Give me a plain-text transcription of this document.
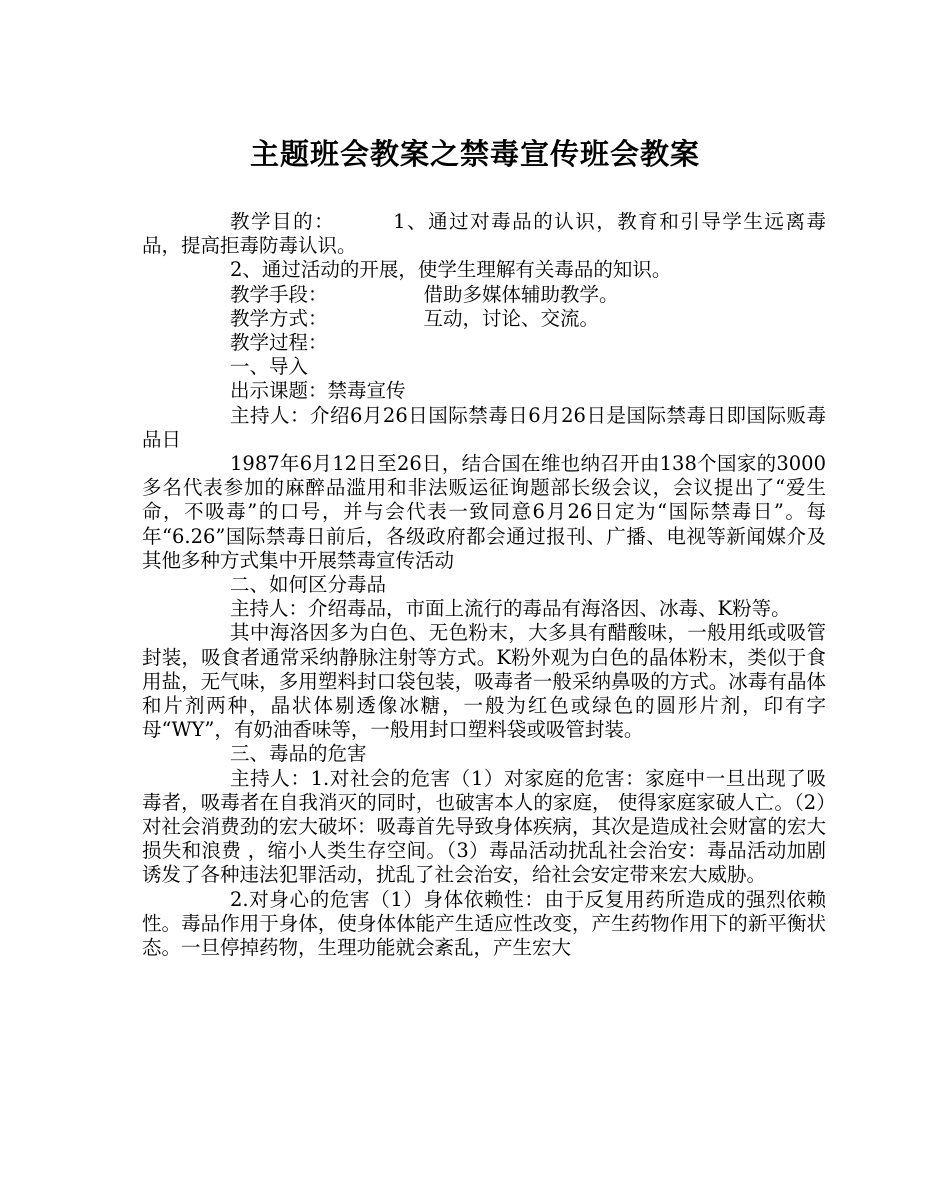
主题班会教案之禁毒宣传班会教案

教学目的：	1、通过对毒品的认识，教育和引导学生远离毒品，提高拒毒防毒认识。

2、通过活动的开展，使学生理解有关毒品的知识。

教学手段：	借助多媒体辅助教学。

教学方式：	互动，讨论、交流。

教学过程：

一、导入

出示课题：禁毒宣传

主持人：介绍6月26日国际禁毒日6月26日是国际禁毒日即国际贩毒品日

1987年6月12日至26日，结合国在维也纳召开由138个国家的3000多名代表参加的麻醉品滥用和非法贩运征询题部长级会议，会议提出了“爱生命，不吸毒”的口号，并与会代表一致同意6月26日定为“国际禁毒日”。每年“6.26”国际禁毒日前后，各级政府都会通过报刊、广播、电视等新闻媒介及其他多种方式集中开展禁毒宣传活动

二、如何区分毒品

主持人：介绍毒品，市面上流行的毒品有海洛因、冰毒、K粉等。

其中海洛因多为白色、无色粉末，大多具有醋酸味，一般用纸或吸管封装，吸食者通常采纳静脉注射等方式。K粉外观为白色的晶体粉末，类似于食用盐，无气味，多用塑料封口袋包装，吸毒者一般采纳鼻吸的方式。冰毒有晶体和片剂两种，晶状体剔透像冰糖，一般为红色或绿色的圆形片剂，印有字母“WY”，有奶油香味等，一般用封口塑料袋或吸管封装。

三、毒品的危害

主持人：1.对社会的危害（1）对家庭的危害：家庭中一旦出现了吸毒者，吸毒者在自我消灭的同时，也破害本人的家庭， 使得家庭家破人亡。（2）对社会消费劲的宏大破坏：吸毒首先导致身体疾病，其次是造成社会财富的宏大损失和浪费 ，缩小人类生存空间。（3）毒品活动扰乱社会治安：毒品活动加剧诱发了各种违法犯罪活动，扰乱了社会治安，给社会安定带来宏大威胁。

2.对身心的危害（1）身体依赖性：由于反复用药所造成的强烈依赖性。毒品作用于身体，使身体体能产生适应性改变，产生药物作用下的新平衡状态。一旦停掉药物，生理功能就会紊乱，产生宏大
